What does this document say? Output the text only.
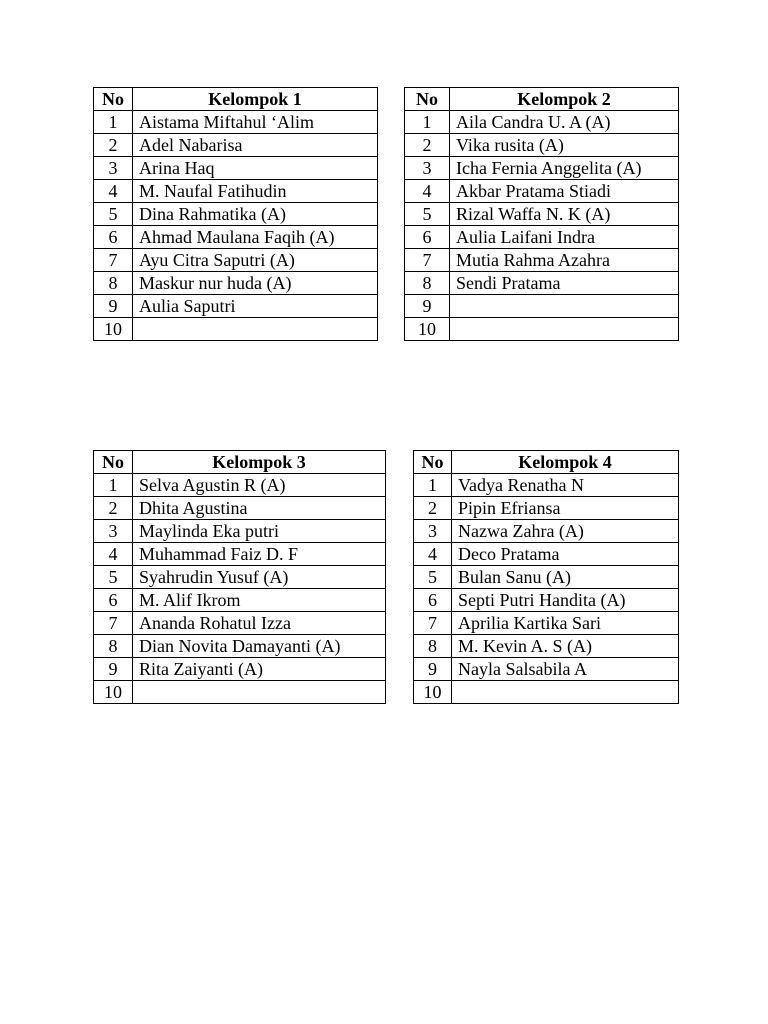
No	Kelompok 1
1	Aistama Miftahul ‘Alim
2	Adel Nabarisa
3	Arina Haq
4	M. Naufal Fatihudin
5	Dina Rahmatika (A)
6	Ahmad Maulana Faqih (A)
7	Ayu Citra Saputri (A)
8	Maskur nur huda (A)
9	Aulia Saputri
10	
No	Kelompok 2
1	Aila Candra U. A (A)
2	Vika rusita (A)
3	Icha Fernia Anggelita (A)
4	Akbar Pratama Stiadi
5	Rizal Waffa N. K (A)
6	Aulia Laifani Indra
7	Mutia Rahma Azahra
8	Sendi Pratama
9	
10	
No	Kelompok 3
1	Selva Agustin R (A)
2	Dhita Agustina
3	Maylinda Eka putri
4	Muhammad Faiz D. F
5	Syahrudin Yusuf (A)
6	M. Alif Ikrom
7	Ananda Rohatul Izza
8	Dian Novita Damayanti (A)
9	Rita Zaiyanti (A)
10	
No	Kelompok 4
1	Vadya Renatha N
2	Pipin Efriansa
3	Nazwa Zahra (A)
4	Deco Pratama
5	Bulan Sanu (A)
6	Septi Putri Handita (A)
7	Aprilia Kartika Sari
8	M. Kevin A. S (A)
9	Nayla Salsabila A
10	
